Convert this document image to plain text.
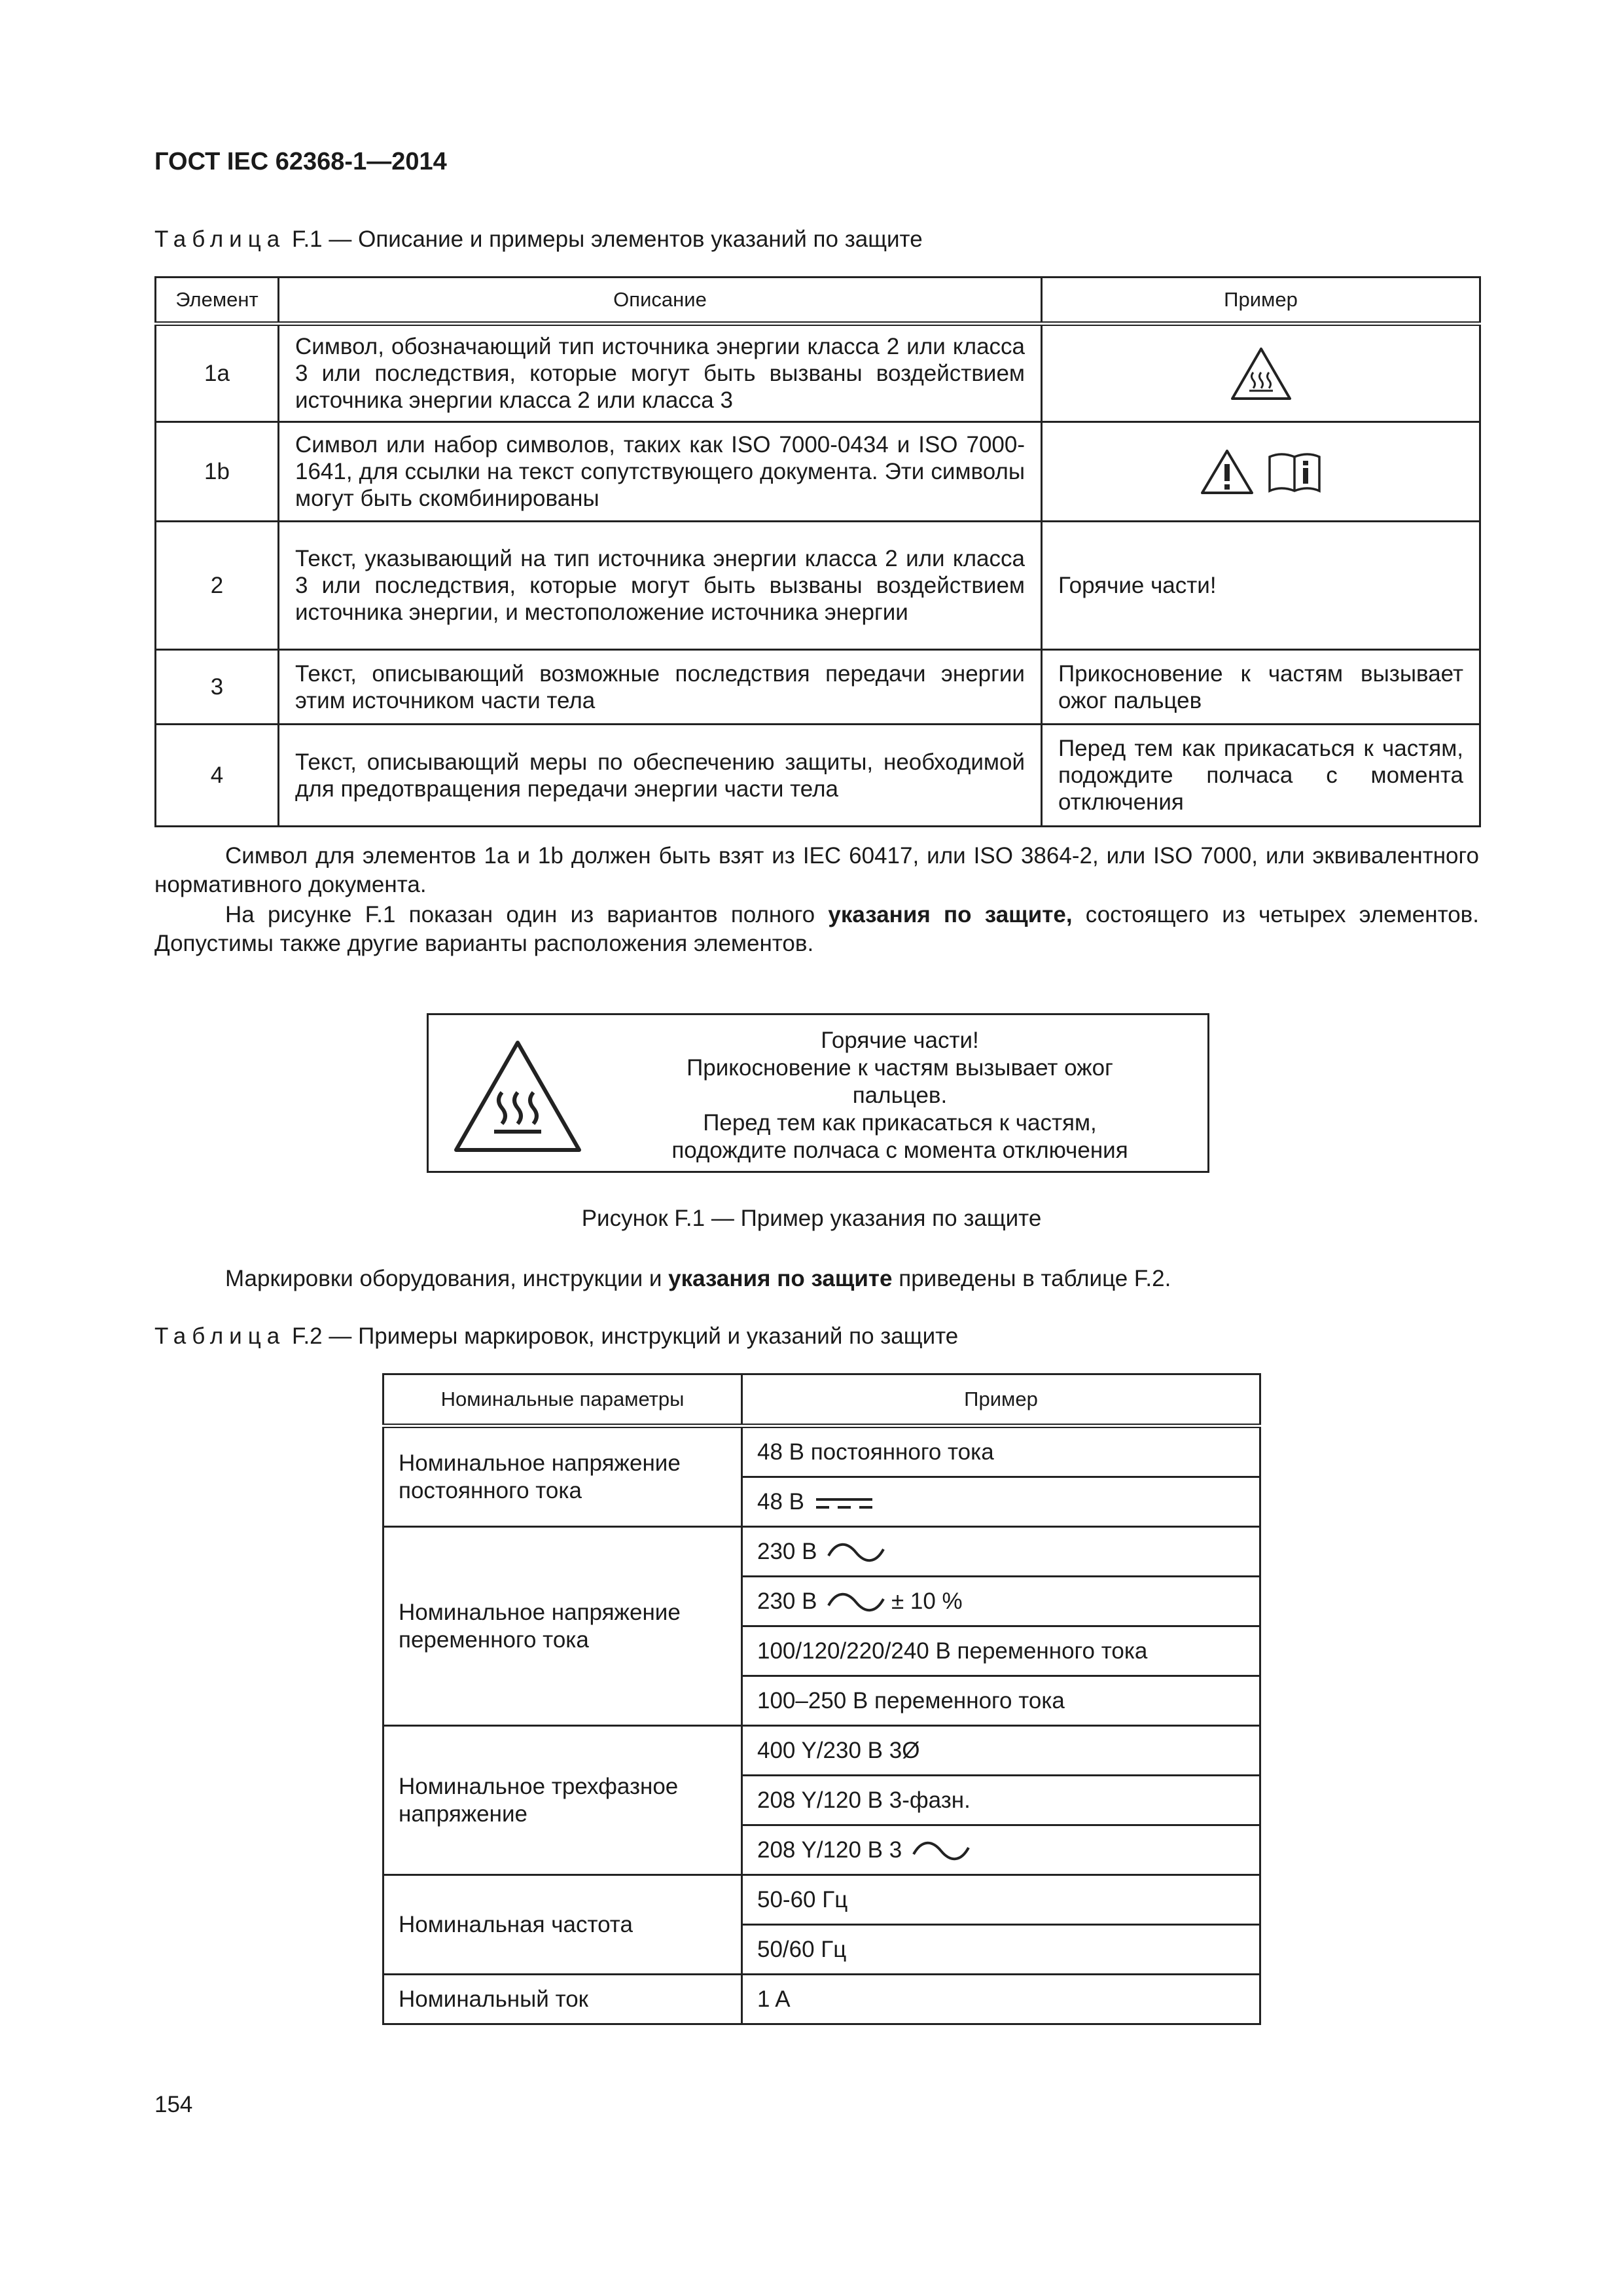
ГОСТ IEC 62368-1—2014
Таблица F.1 — Описание и примеры элементов указаний по защите
Элемент	Описание	Пример
1a	Символ, обозначающий тип источника энергии класса 2 или класса 3 или последствия, которые могут быть вызваны воздействием источника энергии класса 2 или класса 3	
1b	Символ или набор символов, таких как ISO 7000-0434 и ISO 7000-1641, для ссылки на текст сопутствующего документа. Эти символы могут быть скомбинированы	
2	Текст, указывающий на тип источника энергии класса 2 или класса 3 или последствия, которые могут быть вызваны воздействием источника энергии, и местоположение источника энергии	Горячие части!
3	Текст, описывающий возможные последствия передачи энергии этим источником части тела	Прикосновение к частям вызывает ожог пальцев
4	Текст, описывающий меры по обеспечению защиты, необходимой для предотвращения передачи энергии части тела	Перед тем как прикасаться к частям, подождите полчаса с момента отключения
Символ для элементов 1a и 1b должен быть взят из IEC 60417, или ISO 3864-2, или ISO 7000, или эквивалентного нормативного документа.
На рисунке F.1 показан один из вариантов полного указания по защите, состоящего из четырех элементов. Допустимы также другие варианты расположения элементов.
Горячие части!
Прикосновение к частям вызывает ожог
пальцев.
Перед тем как прикасаться к частям,
подождите полчаса с момента отключения
Рисунок F.1 — Пример указания по защите
Маркировки оборудования, инструкции и указания по защите приведены в таблице F.2.
Таблица F.2 — Примеры маркировок, инструкций и указаний по защите
Номинальные параметры	Пример
Номинальное напряжение постоянного тока	48 В постоянного тока
	48 В
Номинальное напряжение переменного тока	230 В
	230 В ± 10 %
	100/120/220/240 В переменного тока
	100–250 В переменного тока
Номинальное трехфазное напряжение	400 Y/230 В 3Ø
	208 Y/120 В 3-фазн.
	208 Y/120 В 3
Номинальная частота	50-60 Гц
	50/60 Гц
Номинальный ток	1 A
154
